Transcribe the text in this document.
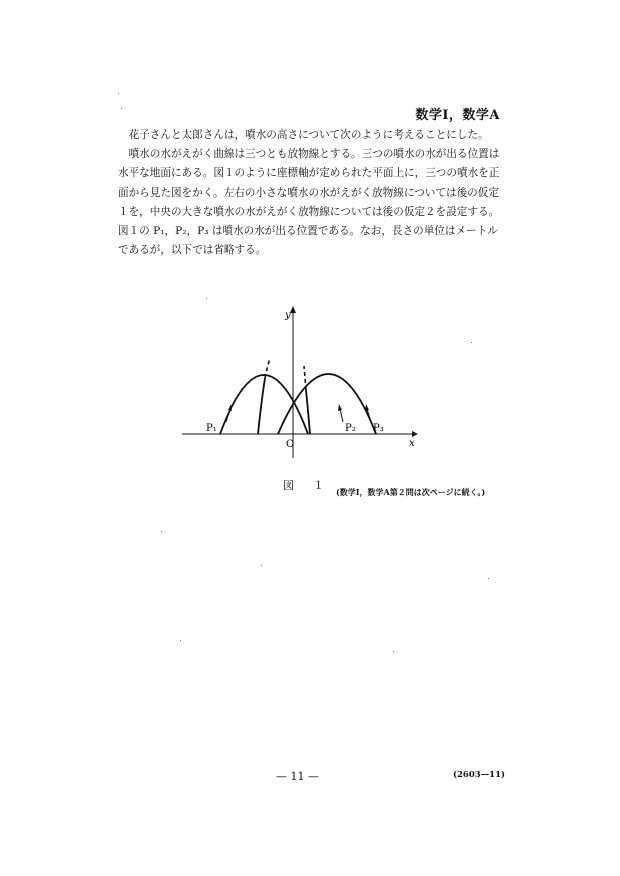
数学Ⅰ，数学A

花子さんと太郎さんは，噴水の高さについて次のように考えることにした。

噴水の水がえがく曲線は三つとも放物線とする。三つの噴水の水が出る位置は水平な地面にある。図１のように座標軸が定められた平面上に，三つの噴水を正面から見た図をかく。左右の小さな噴水の水がえがく放物線については後の仮定１を，中央の大きな噴水の水がえがく放物線については後の仮定２を設定する。図１の P₁，P₂，P₃ は噴水の水が出る位置である。なお，長さの単位はメートルであるが，以下では省略する。

y
x
O
P₁	P₂ P₃
図　１ (数学Ⅰ，数学A第２問は次ページに続く。)
— 11 —	(2603—11)
